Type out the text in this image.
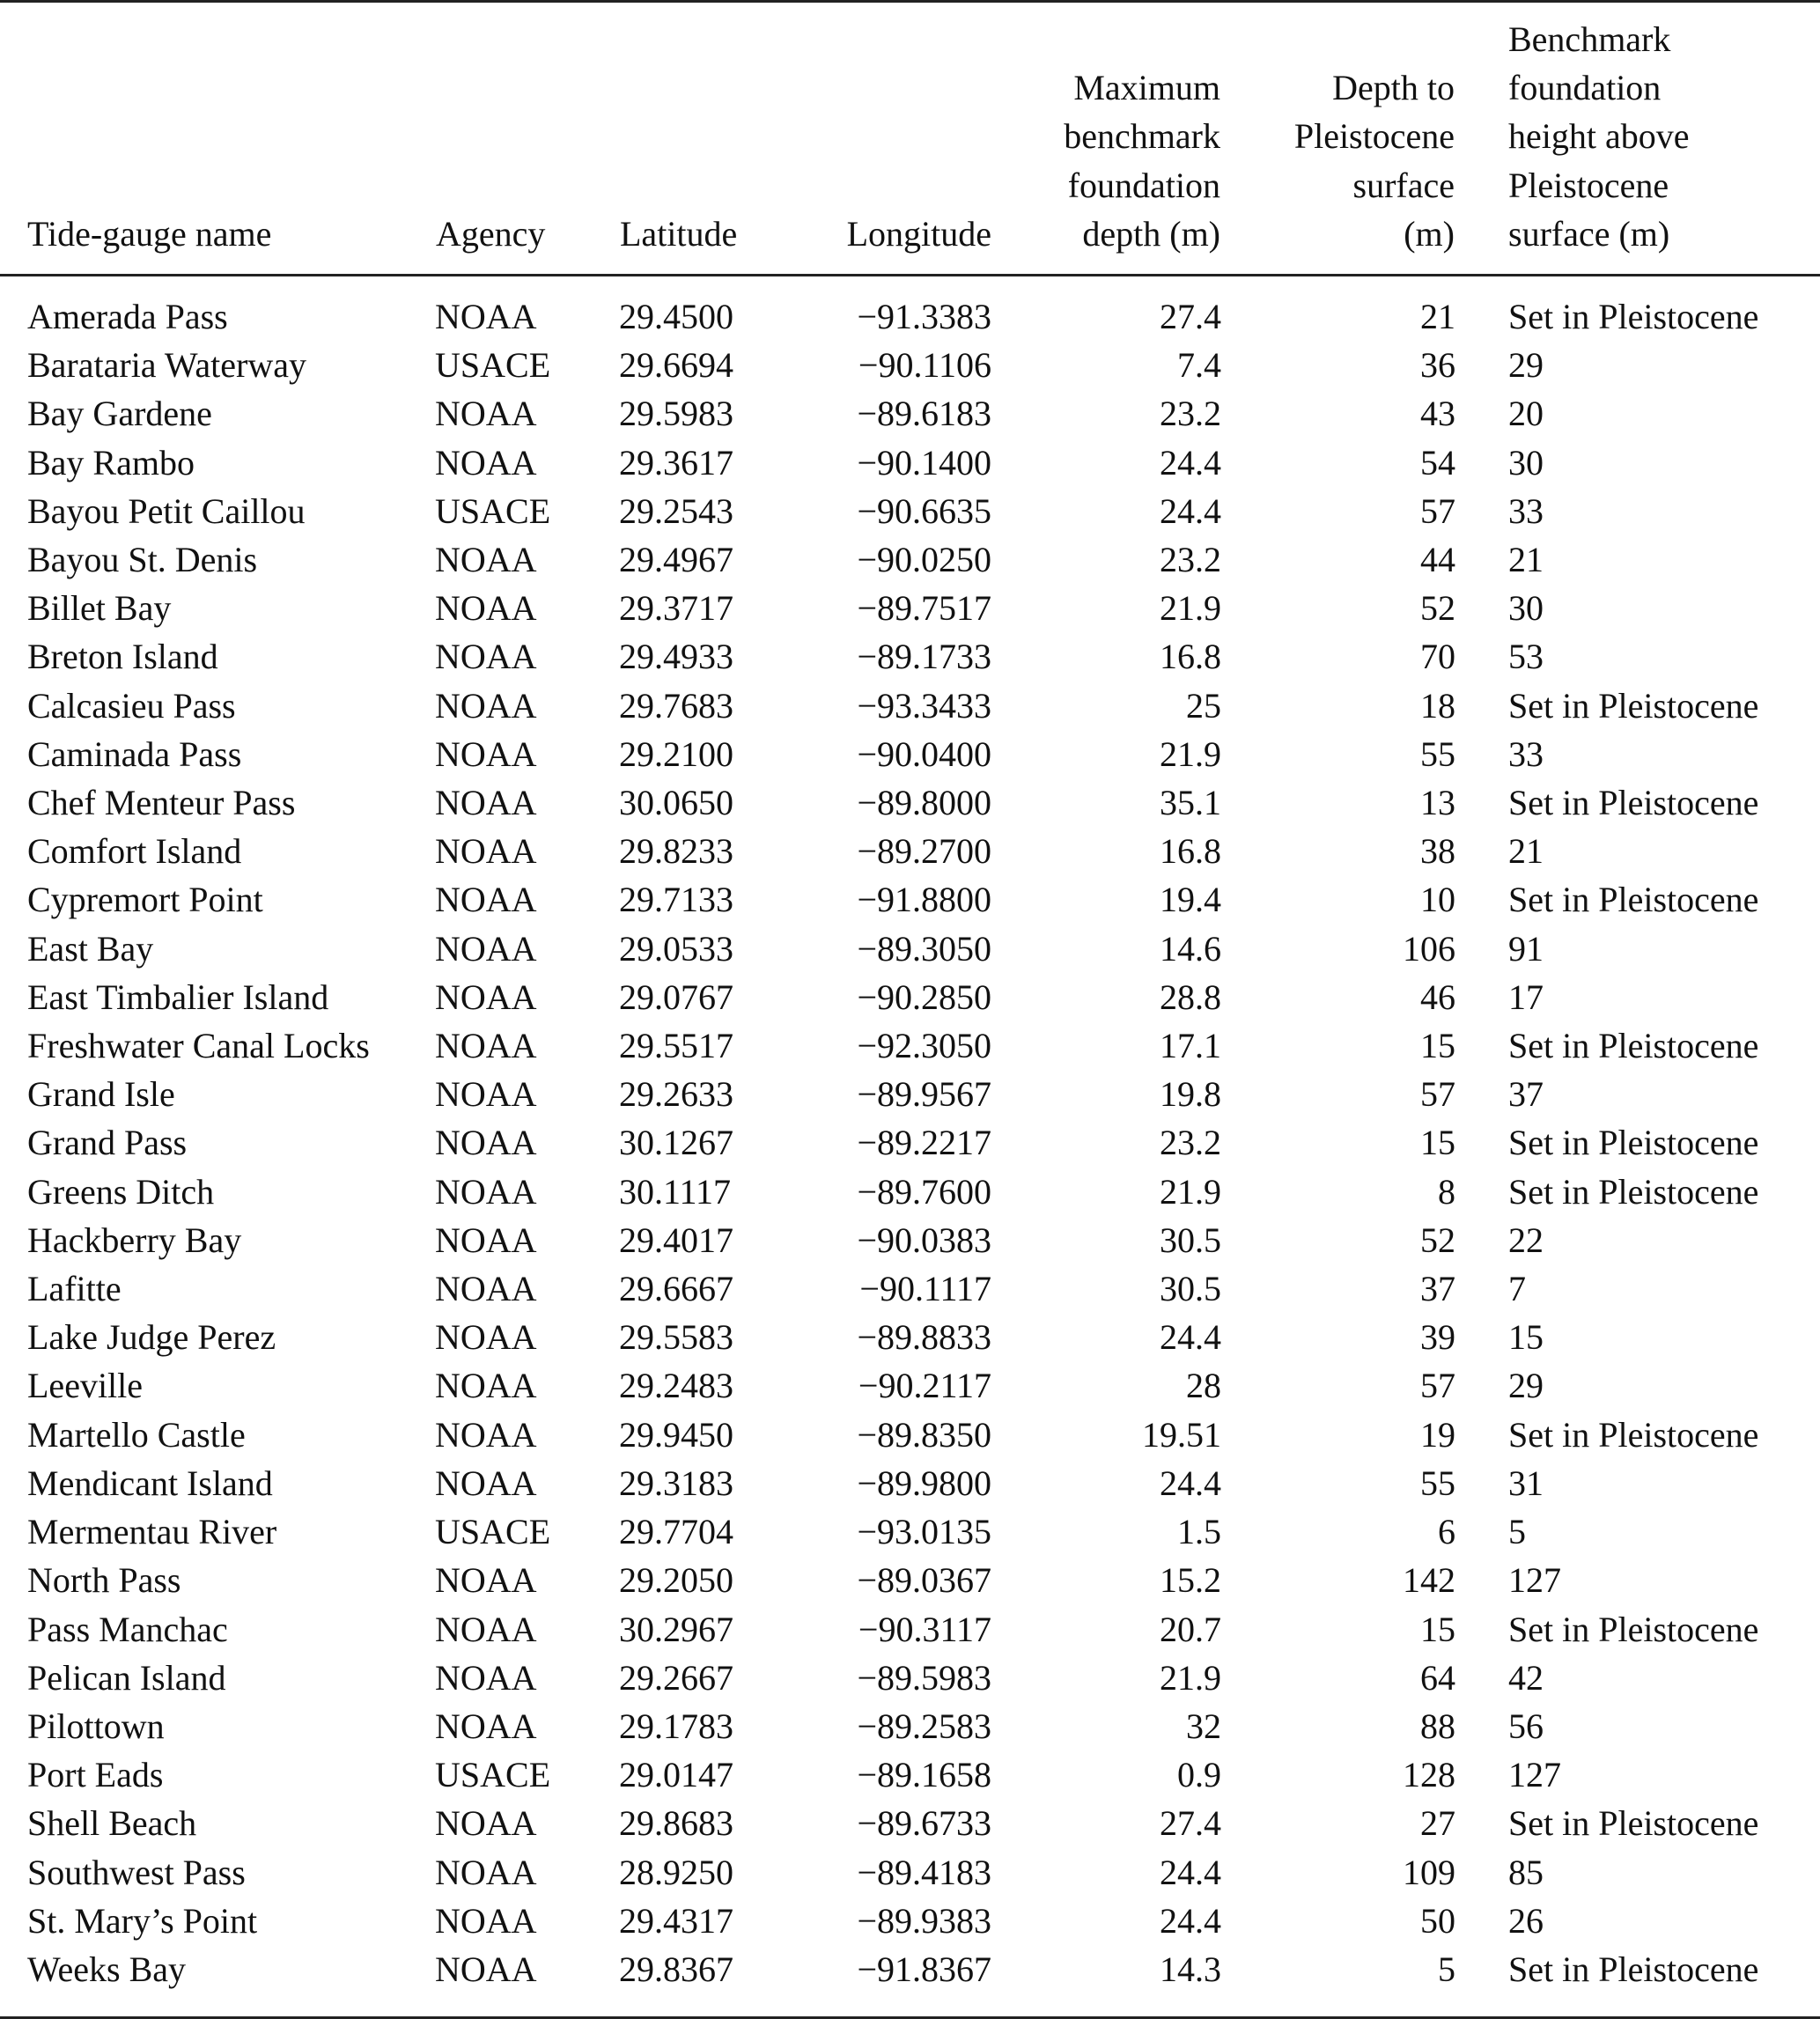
Tide-gauge name	Agency	Latitude	Longitude	Maximum
benchmark
foundation
depth (m)	Depth to
Pleistocene
surface
(m)	Benchmark
foundation
height above
Pleistocene
surface (m)

Amerada Pass	NOAA	29.4500	−91.3383	27.4	21	Set in Pleistocene
Barataria Waterway	USACE	29.6694	−90.1106	7.4	36	29
Bay Gardene	NOAA	29.5983	−89.6183	23.2	43	20
Bay Rambo	NOAA	29.3617	−90.1400	24.4	54	30
Bayou Petit Caillou	USACE	29.2543	−90.6635	24.4	57	33
Bayou St. Denis	NOAA	29.4967	−90.0250	23.2	44	21
Billet Bay	NOAA	29.3717	−89.7517	21.9	52	30
Breton Island	NOAA	29.4933	−89.1733	16.8	70	53
Calcasieu Pass	NOAA	29.7683	−93.3433	25	18	Set in Pleistocene
Caminada Pass	NOAA	29.2100	−90.0400	21.9	55	33
Chef Menteur Pass	NOAA	30.0650	−89.8000	35.1	13	Set in Pleistocene
Comfort Island	NOAA	29.8233	−89.2700	16.8	38	21
Cypremort Point	NOAA	29.7133	−91.8800	19.4	10	Set in Pleistocene
East Bay	NOAA	29.0533	−89.3050	14.6	106	91
East Timbalier Island	NOAA	29.0767	−90.2850	28.8	46	17
Freshwater Canal Locks	NOAA	29.5517	−92.3050	17.1	15	Set in Pleistocene
Grand Isle	NOAA	29.2633	−89.9567	19.8	57	37
Grand Pass	NOAA	30.1267	−89.2217	23.2	15	Set in Pleistocene
Greens Ditch	NOAA	30.1117	−89.7600	21.9	8	Set in Pleistocene
Hackberry Bay	NOAA	29.4017	−90.0383	30.5	52	22
Lafitte	NOAA	29.6667	−90.1117	30.5	37	7
Lake Judge Perez	NOAA	29.5583	−89.8833	24.4	39	15
Leeville	NOAA	29.2483	−90.2117	28	57	29
Martello Castle	NOAA	29.9450	−89.8350	19.51	19	Set in Pleistocene
Mendicant Island	NOAA	29.3183	−89.9800	24.4	55	31
Mermentau River	USACE	29.7704	−93.0135	1.5	6	5
North Pass	NOAA	29.2050	−89.0367	15.2	142	127
Pass Manchac	NOAA	30.2967	−90.3117	20.7	15	Set in Pleistocene
Pelican Island	NOAA	29.2667	−89.5983	21.9	64	42
Pilottown	NOAA	29.1783	−89.2583	32	88	56
Port Eads	USACE	29.0147	−89.1658	0.9	128	127
Shell Beach	NOAA	29.8683	−89.6733	27.4	27	Set in Pleistocene
Southwest Pass	NOAA	28.9250	−89.4183	24.4	109	85
St. Mary’s Point	NOAA	29.4317	−89.9383	24.4	50	26
Weeks Bay	NOAA	29.8367	−91.8367	14.3	5	Set in Pleistocene
